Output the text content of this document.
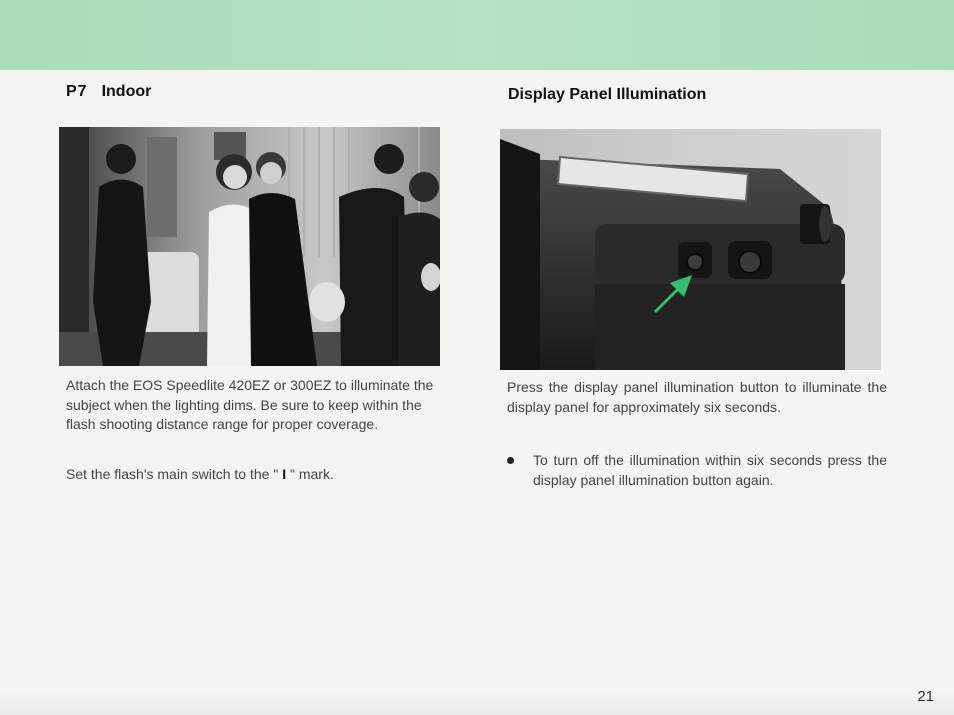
P7 Indoor

Attach the EOS Speedlite 420EZ or 300EZ to illuminate the subject when the lighting dims. Be sure to keep within the flash shooting distance range for proper coverage.

Set the flash's main switch to the " I " mark.

Display Panel Illumination

Press the display panel illumination button to illuminate the display panel for approximately six seconds.

To turn off the illumination within six seconds press the display panel illumination button again.
21
